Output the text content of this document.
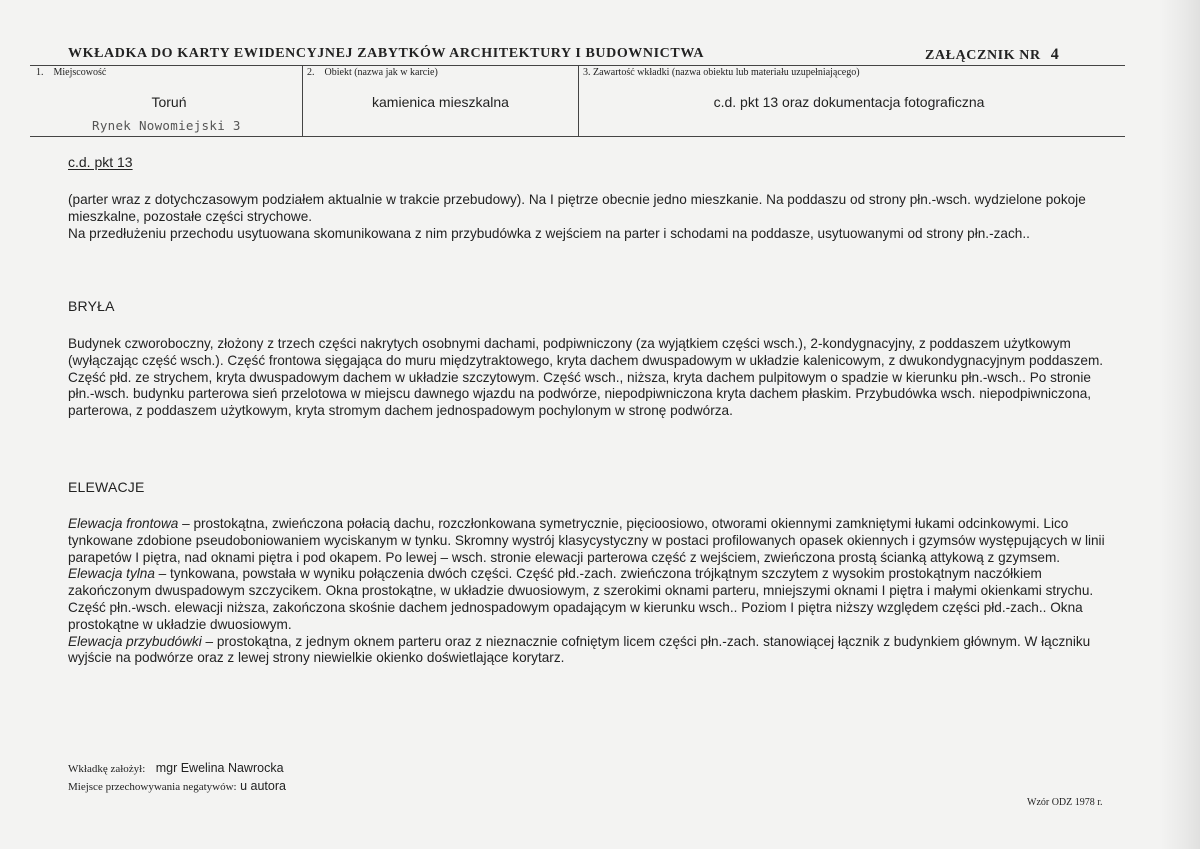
WKŁADKA DO KARTY EWIDENCYJNEJ ZABYTKÓW ARCHITEKTURY I BUDOWNICTWA	ZAŁĄCZNIK NR 4
1. Miejscowość	2. Obiekt (nazwa jak w karcie)	3. Zawartość wkładki (nazwa obiektu lub materiału uzupełniającego)
Toruń	kamienica mieszkalna	c.d. pkt 13 oraz dokumentacja fotograficzna
Rynek Nowomiejski 3
c.d. pkt 13

(parter wraz z dotychczasowym podziałem aktualnie w trakcie przebudowy). Na I piętrze obecnie jedno mieszkanie. Na poddaszu od strony płn.-wsch. wydzielone pokoje mieszkalne, pozostałe części strychowe.

Na przedłużeniu przechodu usytuowana skomunikowana z nim przybudówka z wejściem na parter i schodami na poddasze, usytuowanymi od strony płn.-zach..

BRYŁA
Budynek czworoboczny, złożony z trzech części nakrytych osobnymi dachami, podpiwniczony (za wyjątkiem części wsch.), 2-kondygnacyjny, z poddaszem użytkowym (wyłączając część wsch.). Część frontowa sięgająca do muru międzytraktowego, kryta dachem dwuspadowym w układzie kalenicowym, z dwukondygnacyjnym poddaszem. Część płd. ze strychem, kryta dwuspadowym dachem w układzie szczytowym. Część wsch., niższa, kryta dachem pulpitowym o spadzie w kierunku płn.-wsch.. Po stronie płn.-wsch. budynku parterowa sień przelotowa w miejscu dawnego wjazdu na podwórze, niepodpiwniczona kryta dachem płaskim. Przybudówka wsch. niepodpiwniczona, parterowa, z poddaszem użytkowym, kryta stromym dachem jednospadowym pochylonym w stronę podwórza.
ELEWACJE

Elewacja frontowa – prostokątna, zwieńczona połacią dachu, rozczłonkowana symetrycznie, pięcioosiowo, otworami okiennymi zamkniętymi łukami odcinkowymi. Lico tynkowane zdobione pseudoboniowaniem wyciskanym w tynku. Skromny wystrój klasycystyczny w postaci profilowanych opasek okiennych i gzymsów występujących w linii parapetów I piętra, nad oknami piętra i pod okapem. Po lewej – wsch. stronie elewacji parterowa część z wejściem, zwieńczona prostą ścianką attykową z gzymsem.

Elewacja tylna – tynkowana, powstała w wyniku połączenia dwóch części. Część płd.-zach. zwieńczona trójkątnym szczytem z wysokim prostokątnym naczółkiem zakończonym dwuspadowym szczycikem. Okna prostokątne, w układzie dwuosiowym, z szerokimi oknami parteru, mniejszymi oknami I piętra i małymi okienkami strychu. Część płn.-wsch. elewacji niższa, zakończona skośnie dachem jednospadowym opadającym w kierunku wsch.. Poziom I piętra niższy względem części płd.-zach.. Okna prostokątne w układzie dwuosiowym.

Elewacja przybudówki – prostokątna, z jednym oknem parteru oraz z nieznacznie cofniętym licem części płn.-zach. stanowiącej łącznik z budynkiem głównym. W łączniku wyjście na podwórze oraz z lewej strony niewielkie okienko doświetlające korytarz.

Wkładkę założył: mgr Ewelina Nawrocka
Miejsce przechowywania negatywów: u autora
Wzór ODZ 1978 r.
